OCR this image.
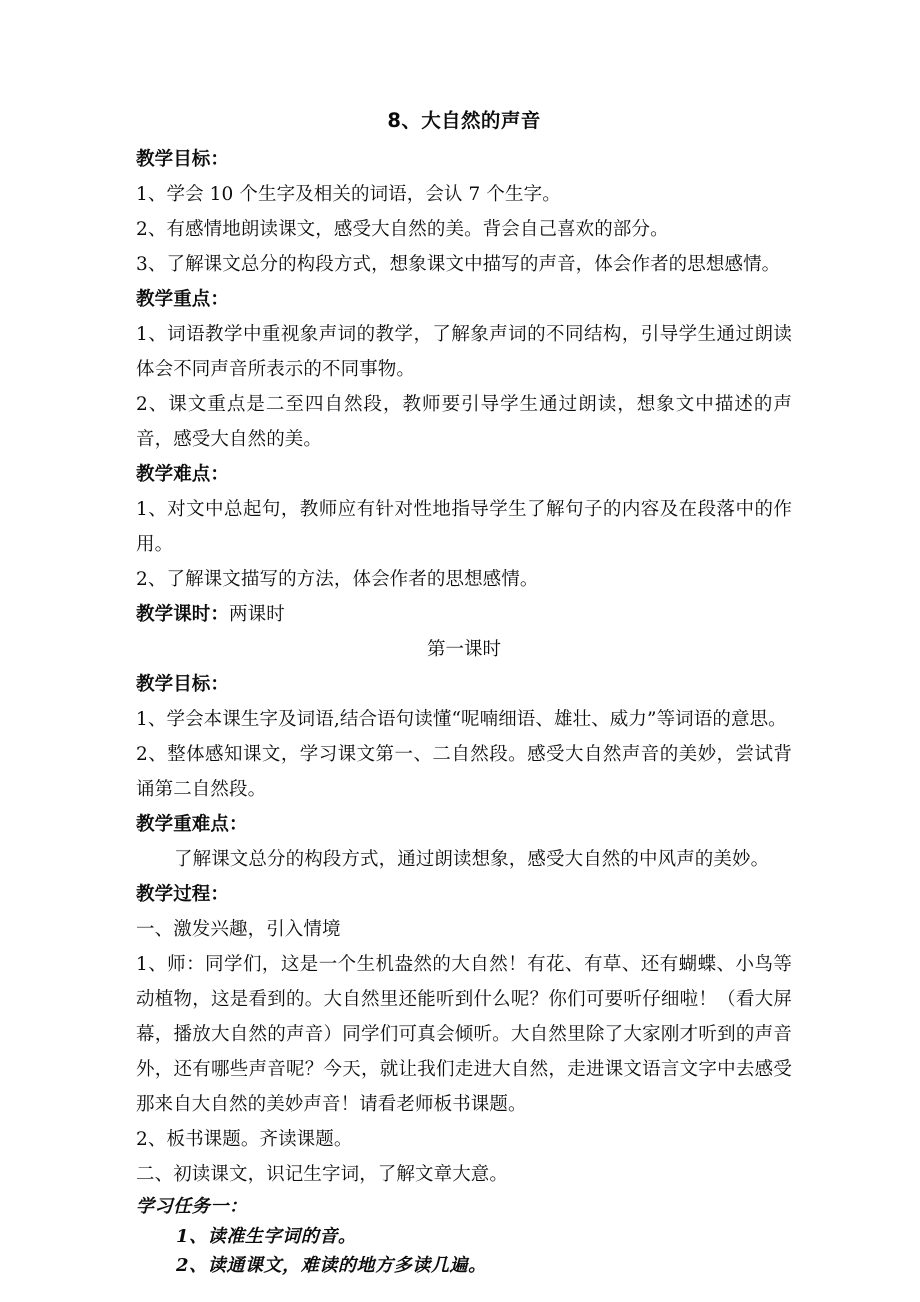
8、大自然的声音

教学目标：

1、学会 10 个生字及相关的词语，会认 7 个生字。

2、有感情地朗读课文，感受大自然的美。背会自己喜欢的部分。

3、了解课文总分的构段方式，想象课文中描写的声音，体会作者的思想感情。

教学重点：

1、词语教学中重视象声词的教学，了解象声词的不同结构，引导学生通过朗读体会不同声音所表示的不同事物。

2、课文重点是二至四自然段，教师要引导学生通过朗读，想象文中描述的声音，感受大自然的美。

教学难点：

1、对文中总起句，教师应有针对性地指导学生了解句子的内容及在段落中的作用。

2、了解课文描写的方法，体会作者的思想感情。

教学课时：两课时

第一课时

教学目标：

1、学会本课生字及词语,结合语句读懂“呢喃细语、雄壮、威力”等词语的意思。

2、整体感知课文，学习课文第一、二自然段。感受大自然声音的美妙，尝试背诵第二自然段。

教学重难点：

了解课文总分的构段方式，通过朗读想象，感受大自然的中风声的美妙。

教学过程：

一、激发兴趣，引入情境

1、师：同学们，这是一个生机盎然的大自然！有花、有草、还有蝴蝶、小鸟等动植物，这是看到的。大自然里还能听到什么呢？你们可要听仔细啦！（看大屏幕，播放大自然的声音）同学们可真会倾听。大自然里除了大家刚才听到的声音外，还有哪些声音呢？今天，就让我们走进大自然，走进课文语言文字中去感受那来自大自然的美妙声音！请看老师板书课题。

2、板书课题。齐读课题。

二、初读课文，识记生字词，了解文章大意。

学习任务一：

1、读准生字词的音。

2、读通课文，难读的地方多读几遍。
